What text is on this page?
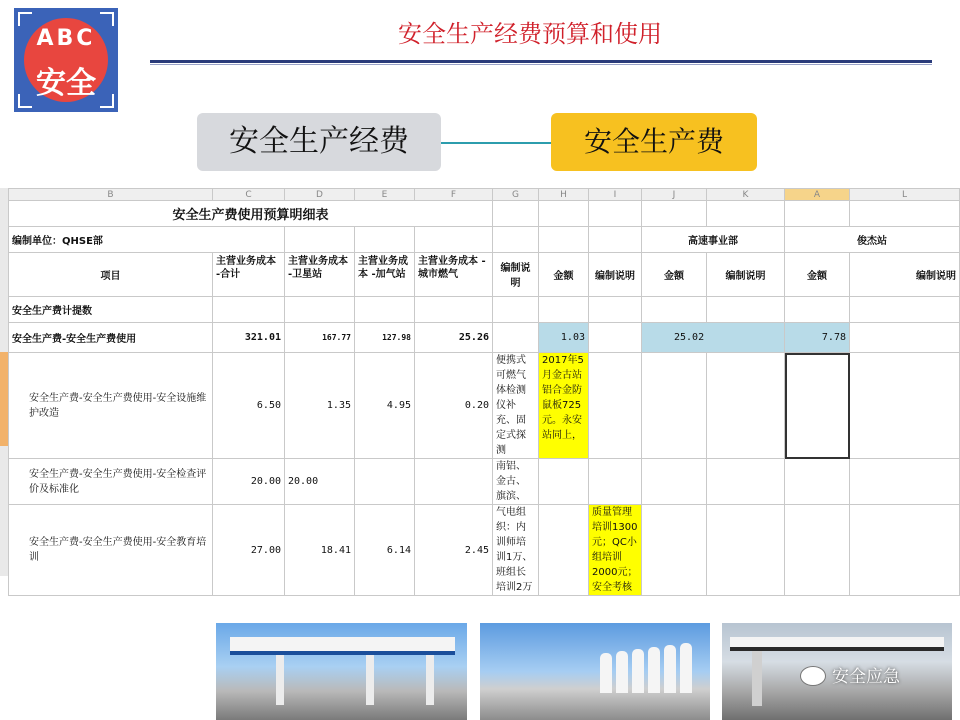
ABC
安全
安全生产经费预算和使用
安全生产经费	安全生产费
B	C	D	E	F	G	H	I	J	K	A	L
安全生产费使用预算明细表											
编制单位：QHSE部								高速事业部		俊杰站	
项目	主营业务成本 -合计	主营业务成本 -卫星站	主营业务成本 -加气站	主营业务成本 -城市燃气	编制说明	金额	编制说明	金额	编制说明	金额	编制说明
安全生产费计提数											
安全生产费-安全生产费使用	321.01	167.77	127.98	25.26		1.03		25.02		7.78	
安全生产费-安全生产费使用-安全设施维护改造	6.50	1.35	4.95	0.20	便携式可燃气体检测仪补充、固定式探测	2017年5月金古站铝合金防鼠板725元。永安站同上，					
安全生产费-安全生产费使用-安全检查评价及标准化	20.00	20.00			南铝、金古、旗滨、						
安全生产费-安全生产费使用-安全教育培训	27.00	18.41	6.14	2.45	气电组织：内训师培训1万、班组长培训2万		质量管理培训1300元；QC小组培训2000元；安全考核				
安全应急
